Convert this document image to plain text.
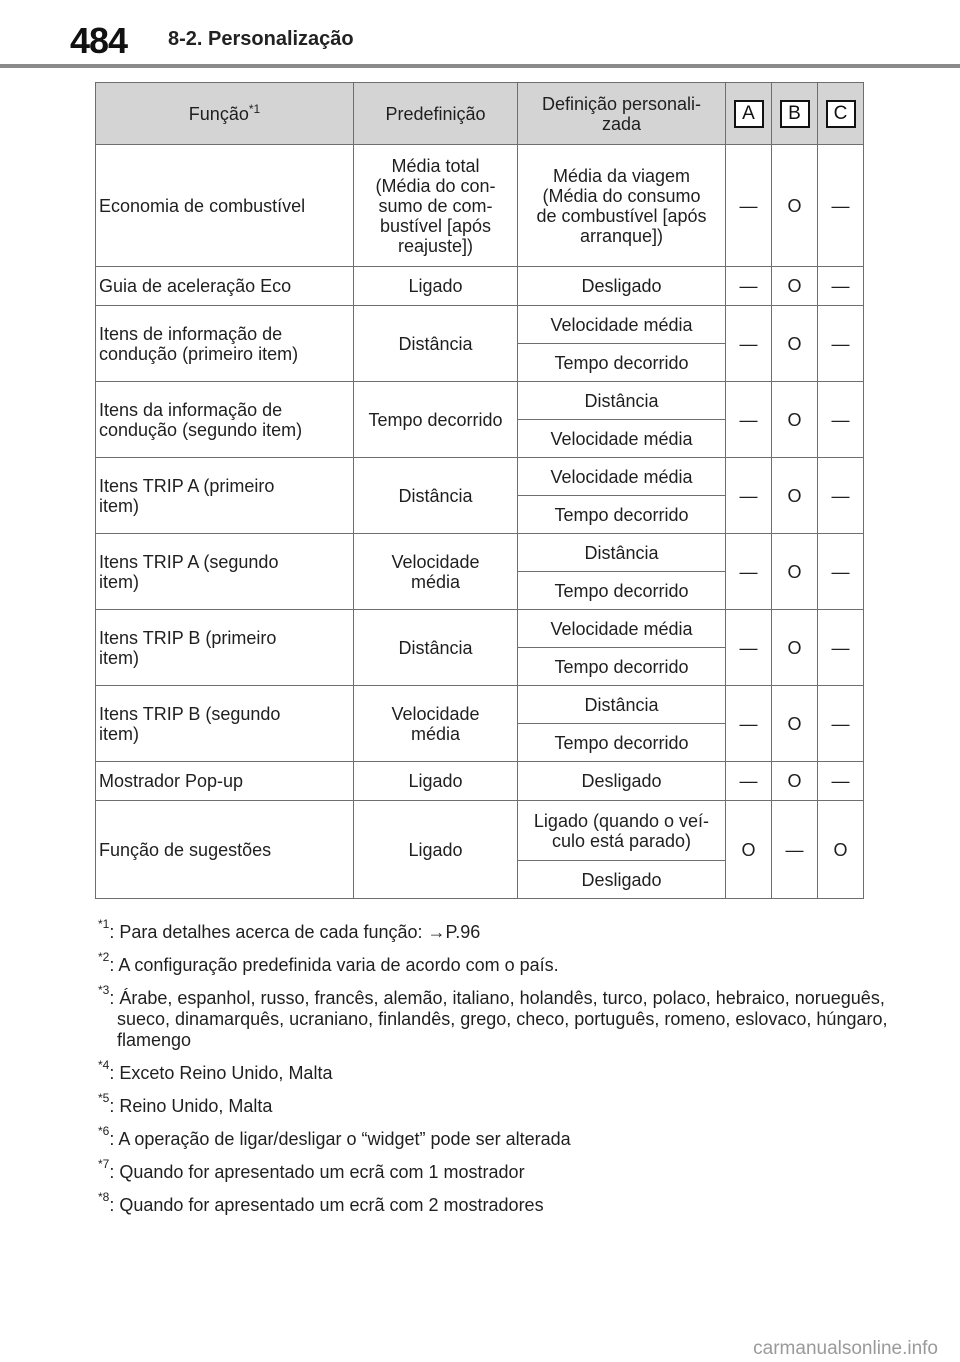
484 8-2. Personalização
Função$^{*1}$	Predefinição	Definição personali-
zada	A	B	C
Economia de combustível	Média total
(Média do con-
sumo de com-
bustível [após
reajuste])	Média da viagem
(Média do consumo
de combustível [após
arranque])	—	O	—
Guia de aceleração Eco	Ligado	Desligado	—	O	—
Itens de informação de
condução (primeiro item)	Distância	Velocidade média	—	O	—
		Tempo decorrido			
Itens da informação de
condução (segundo item)	Tempo decorrido	Distância	—	O	—
		Velocidade média			
Itens TRIP A (primeiro
item)	Distância	Velocidade média	—	O	—
		Tempo decorrido			
Itens TRIP A (segundo
item)	Velocidade
média	Distância	—	O	—
		Tempo decorrido			
Itens TRIP B (primeiro
item)	Distância	Velocidade média	—	O	—
		Tempo decorrido			
Itens TRIP B (segundo
item)	Velocidade
média	Distância	—	O	—
		Tempo decorrido			
Mostrador Pop-up	Ligado	Desligado	—	O	—
Função de sugestões	Ligado	Ligado (quando o veí-
culo está parado)	O	—	O
		Desligado			
$^{*1}$: Para detalhes acerca de cada função: →P.96
$^{*2}$: A configuração predefinida varia de acordo com o país.
$^{*3}$: Árabe, espanhol, russo, francês, alemão, italiano, holandês, turco, polaco, hebraico, norueguês, sueco, dinamarquês, ucraniano, finlandês, grego, checo, português, romeno, eslovaco, húngaro, flamengo
$^{*4}$: Exceto Reino Unido, Malta
$^{*5}$: Reino Unido, Malta
$^{*6}$: A operação de ligar/desligar o “widget” pode ser alterada
$^{*7}$: Quando for apresentado um ecrã com 1 mostrador
$^{*8}$: Quando for apresentado um ecrã com 2 mostradores
carmanualsonline.info
